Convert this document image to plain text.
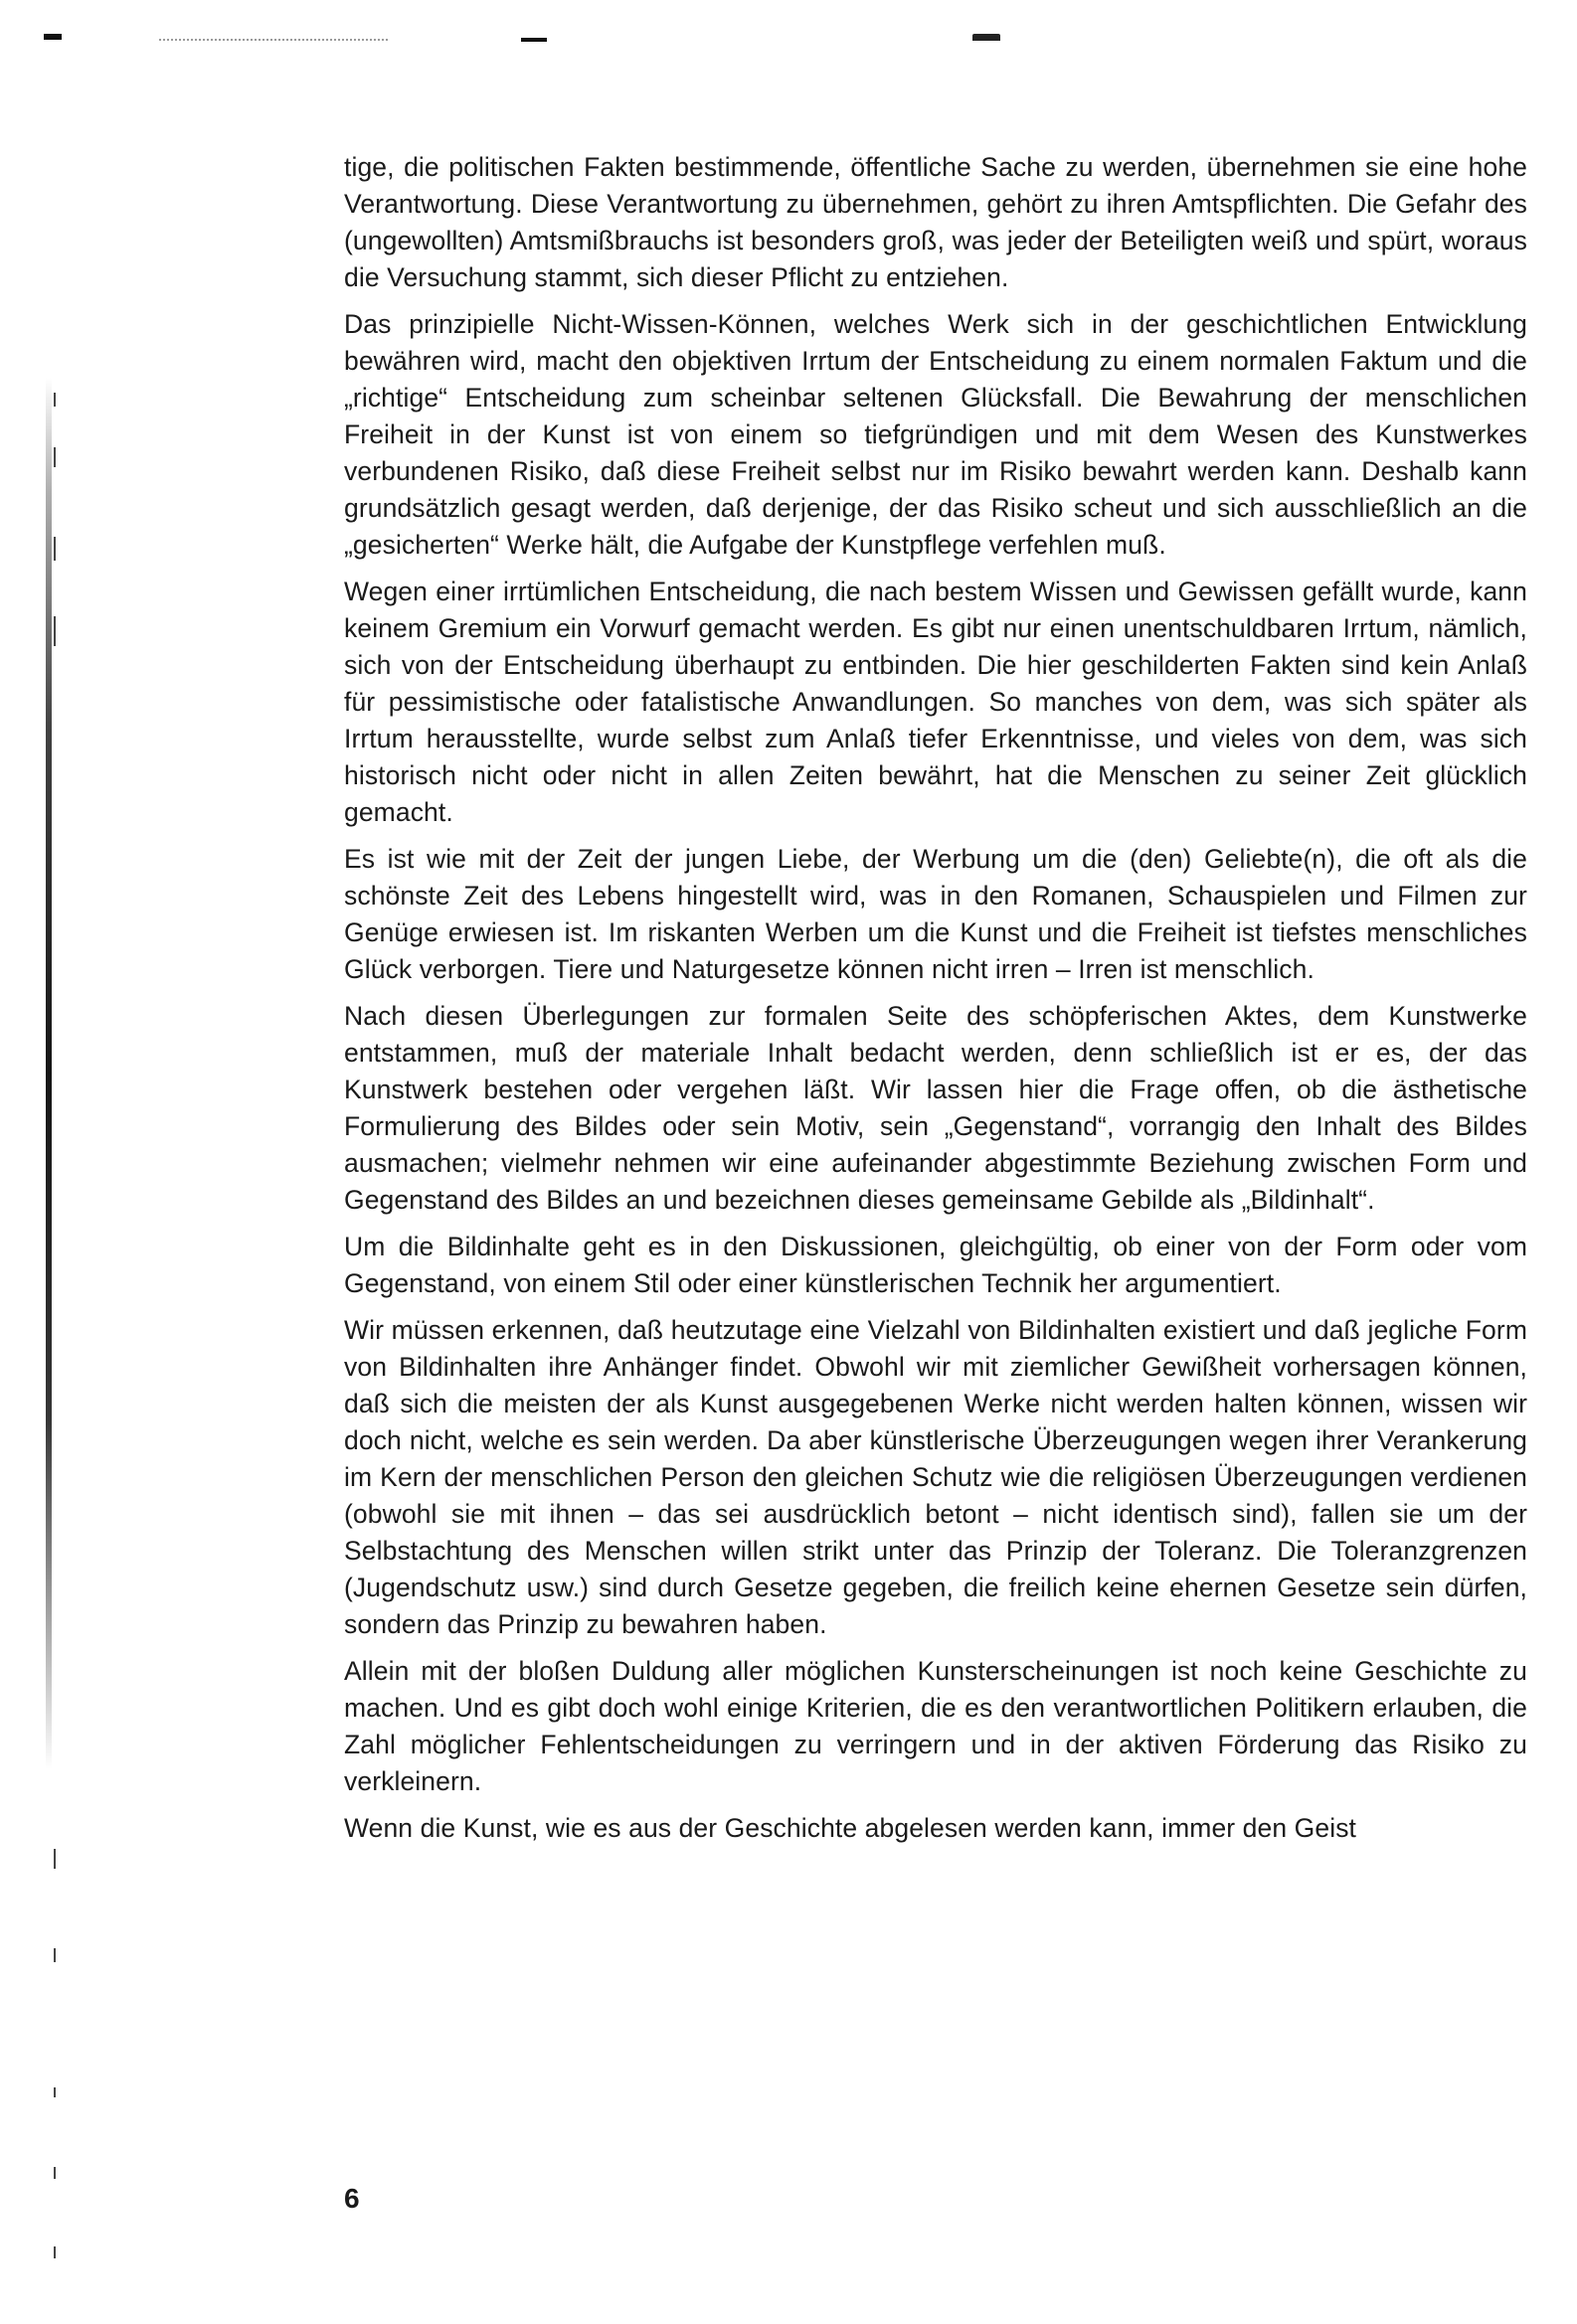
tige, die politischen Fakten bestimmende, öffentliche Sache zu werden, übernehmen sie eine hohe Verantwortung. Diese Verantwortung zu übernehmen, gehört zu ihren Amtspflichten. Die Gefahr des (ungewollten) Amtsmißbrauchs ist besonders groß, was jeder der Beteiligten weiß und spürt, woraus die Versuchung stammt, sich dieser Pflicht zu entziehen.

Das prinzipielle Nicht-Wissen-Können, welches Werk sich in der geschichtlichen Entwicklung bewähren wird, macht den objektiven Irrtum der Entscheidung zu einem normalen Faktum und die „richtige“ Entscheidung zum scheinbar seltenen Glücksfall. Die Bewahrung der menschlichen Freiheit in der Kunst ist von einem so tiefgründigen und mit dem Wesen des Kunstwerkes verbundenen Risiko, daß diese Freiheit selbst nur im Risiko bewahrt werden kann. Deshalb kann grundsätzlich gesagt werden, daß derjenige, der das Risiko scheut und sich ausschließlich an die „gesicherten“ Werke hält, die Aufgabe der Kunstpflege verfehlen muß.

Wegen einer irrtümlichen Entscheidung, die nach bestem Wissen und Gewissen gefällt wurde, kann keinem Gremium ein Vorwurf gemacht werden. Es gibt nur einen unentschuldbaren Irrtum, nämlich, sich von der Entscheidung überhaupt zu entbinden. Die hier geschilderten Fakten sind kein Anlaß für pessimistische oder fatalistische Anwandlungen. So manches von dem, was sich später als Irrtum herausstellte, wurde selbst zum Anlaß tiefer Erkenntnisse, und vieles von dem, was sich historisch nicht oder nicht in allen Zeiten bewährt, hat die Menschen zu seiner Zeit glücklich gemacht.

Es ist wie mit der Zeit der jungen Liebe, der Werbung um die (den) Geliebte(n), die oft als die schönste Zeit des Lebens hingestellt wird, was in den Romanen, Schauspielen und Filmen zur Genüge erwiesen ist. Im riskanten Werben um die Kunst und die Freiheit ist tiefstes menschliches Glück verborgen. Tiere und Naturgesetze können nicht irren – Irren ist menschlich.

Nach diesen Überlegungen zur formalen Seite des schöpferischen Aktes, dem Kunstwerke entstammen, muß der materiale Inhalt bedacht werden, denn schließlich ist er es, der das Kunstwerk bestehen oder vergehen läßt. Wir lassen hier die Frage offen, ob die ästhetische Formulierung des Bildes oder sein Motiv, sein „Gegenstand“, vorrangig den Inhalt des Bildes ausmachen; vielmehr nehmen wir eine aufeinander abgestimmte Beziehung zwischen Form und Gegenstand des Bildes an und bezeichnen dieses gemeinsame Gebilde als „Bildinhalt“.

Um die Bildinhalte geht es in den Diskussionen, gleichgültig, ob einer von der Form oder vom Gegenstand, von einem Stil oder einer künstlerischen Technik her argumentiert.

Wir müssen erkennen, daß heutzutage eine Vielzahl von Bildinhalten existiert und daß jegliche Form von Bildinhalten ihre Anhänger findet. Obwohl wir mit ziemlicher Gewißheit vorhersagen können, daß sich die meisten der als Kunst ausgegebenen Werke nicht werden halten können, wissen wir doch nicht, welche es sein werden. Da aber künstlerische Überzeugungen wegen ihrer Verankerung im Kern der menschlichen Person den gleichen Schutz wie die religiösen Überzeugungen verdienen (obwohl sie mit ihnen – das sei ausdrücklich betont – nicht identisch sind), fallen sie um der Selbstachtung des Menschen willen strikt unter das Prinzip der Toleranz. Die Toleranzgrenzen (Jugendschutz usw.) sind durch Gesetze gegeben, die freilich keine ehernen Gesetze sein dürfen, sondern das Prinzip zu bewahren haben.

Allein mit der bloßen Duldung aller möglichen Kunsterscheinungen ist noch keine Geschichte zu machen. Und es gibt doch wohl einige Kriterien, die es den verantwortlichen Politikern erlauben, die Zahl möglicher Fehlentscheidungen zu verringern und in der aktiven Förderung das Risiko zu verkleinern.

Wenn die Kunst, wie es aus der Geschichte abgelesen werden kann, immer den Geist

6
